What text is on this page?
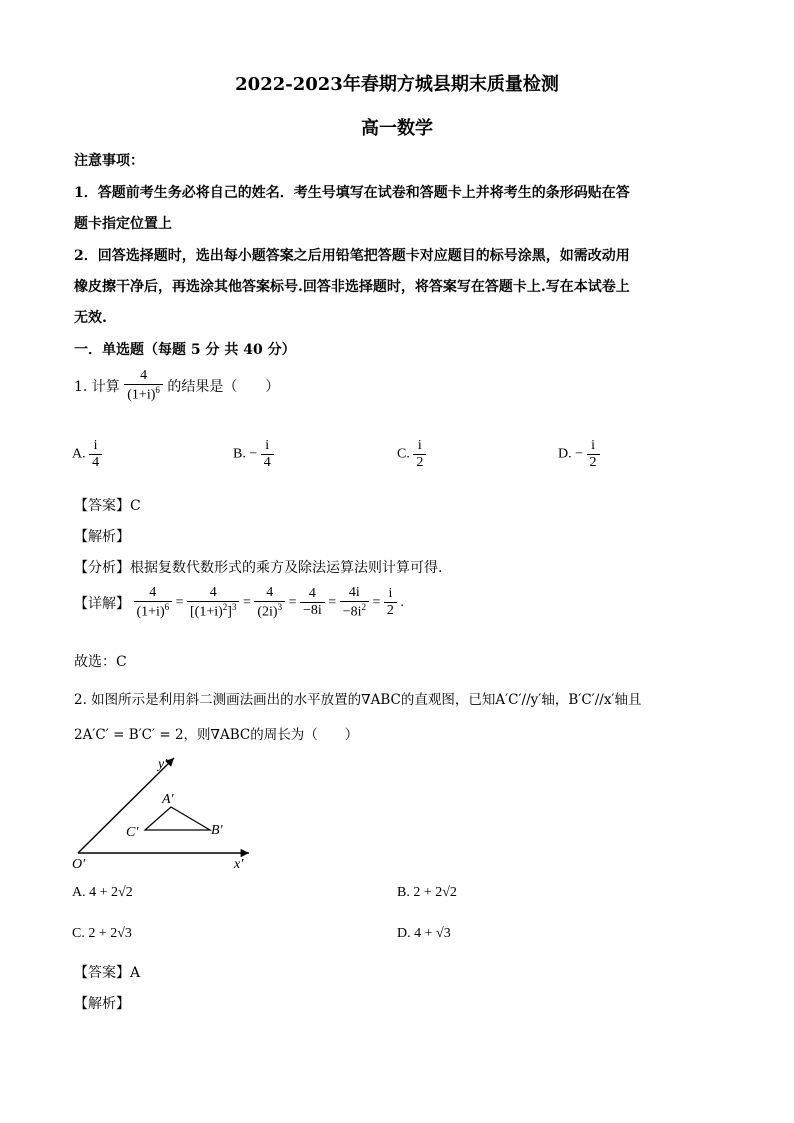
2022-2023年春期方城县期末质量检测
高一数学
注意事项：
1．答题前考生务必将自己的姓名．考生号填写在试卷和答题卡上并将考生的条形码贴在答
题卡指定位置上
2．回答选择题时，选出每小题答案之后用铅笔把答题卡对应题目的标号涂黑，如需改动用
橡皮擦干净后，再选涂其他答案标号.回答非选择题时，将答案写在答题卡上.写在本试卷上
无效.
一．单选题（每题 5 分 共 40 分）
1. 计算 $\frac{4}{(1+i)^6}$ 的结果是（　　）
A. $\frac{i}{4}$	B. − $\frac{i}{4}$	C. $\frac{i}{2}$	D. − $\frac{i}{2}$
【答案】C
【解析】
【分析】根据复数代数形式的乘方及除法运算法则计算可得.
【详解】 $\frac{4}{(1+i)^6} = \frac{4}{[(1+i)^2]^3} = \frac{4}{(2i)^3} = \frac{4}{-8i} = \frac{4i}{-8i^2} = \frac{i}{2}$ .
故选：C
2. 如图所示是利用斜二测画法画出的水平放置的∇ABC的直观图，已知A′C′//y′轴，B′C′//x′轴且
2A′C′ = B′C′ = 2，则∇ABC的周长为（　　）
y′
x′
O′
A′
B′
C′
A. 4 + 2√2	B. 2 + 2√2
C. 2 + 2√3	D. 4 + √3
【答案】A
【解析】
